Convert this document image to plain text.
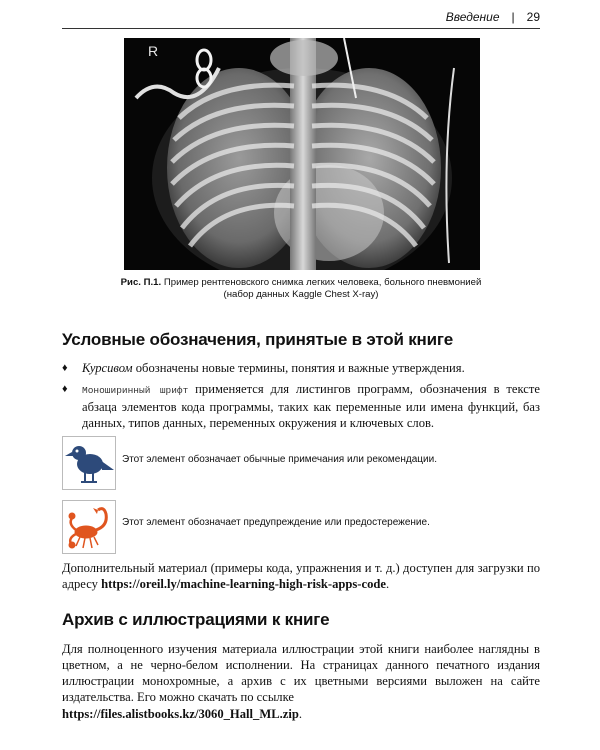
Введение | 29
R
Рис. П.1. Пример рентгеновского снимка легких человека, больного пневмонией
(набор данных Kaggle Chest X-ray)
Условные обозначения, принятые в этой книге
♦ Курсивом обозначены новые термины, понятия и важные утверждения.
♦ Моноширинный шрифт применяется для листингов программ, обозначения в тексте абзаца элементов кода программы, таких как переменные или имена функций, баз данных, типов данных, переменных окружения и ключевых слов.
Этот элемент обозначает обычные примечания или рекомендации.
Этот элемент обозначает предупреждение или предостережение.
Дополнительный материал (примеры кода, упражнения и т. д.) доступен для загрузки по адресу https://oreil.ly/machine-learning-high-risk-apps-code.
Архив с иллюстрациями к книге
Для полноценного изучения материала иллюстрации этой книги наиболее наглядны в цветном, а не черно-белом исполнении. На страницах данного печатного издания иллюстрации монохромные, а архив с их цветными версиями выложен на сайте издательства. Его можно скачать по ссылке
https://files.alistbooks.kz/3060_Hall_ML.zip.
